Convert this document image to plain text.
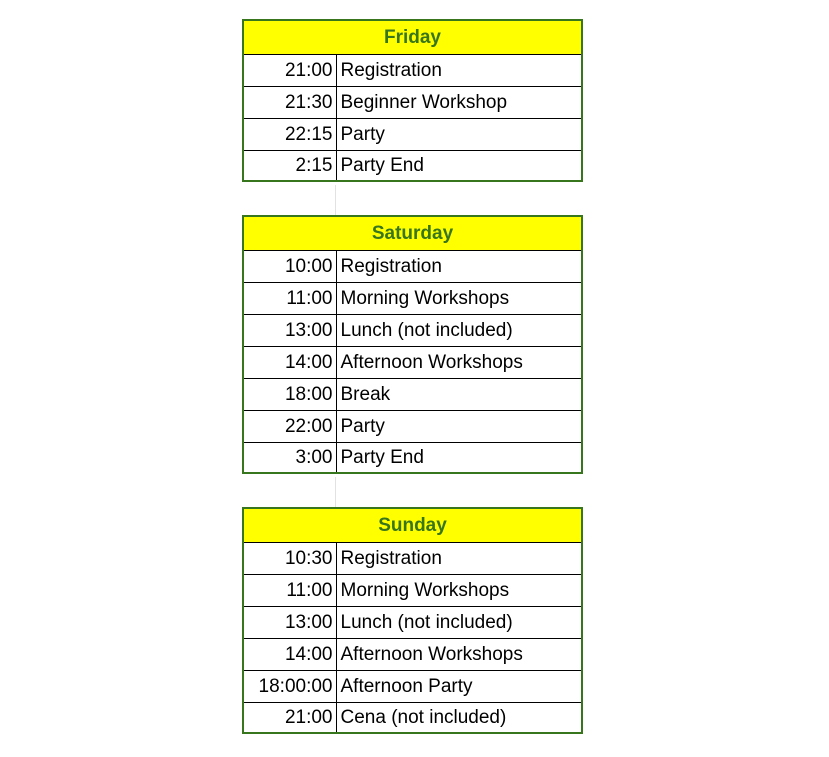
Friday	
21:00	Registration
21:30	Beginner Workshop
22:15	Party
2:15	Party End
Saturday	
10:00	Registration
11:00	Morning Workshops
13:00	Lunch (not included)
14:00	Afternoon Workshops
18:00	Break
22:00	Party
3:00	Party End
Sunday	
10:30	Registration
11:00	Morning Workshops
13:00	Lunch (not included)
14:00	Afternoon Workshops
18:00:00	Afternoon Party
21:00	Cena (not included)
